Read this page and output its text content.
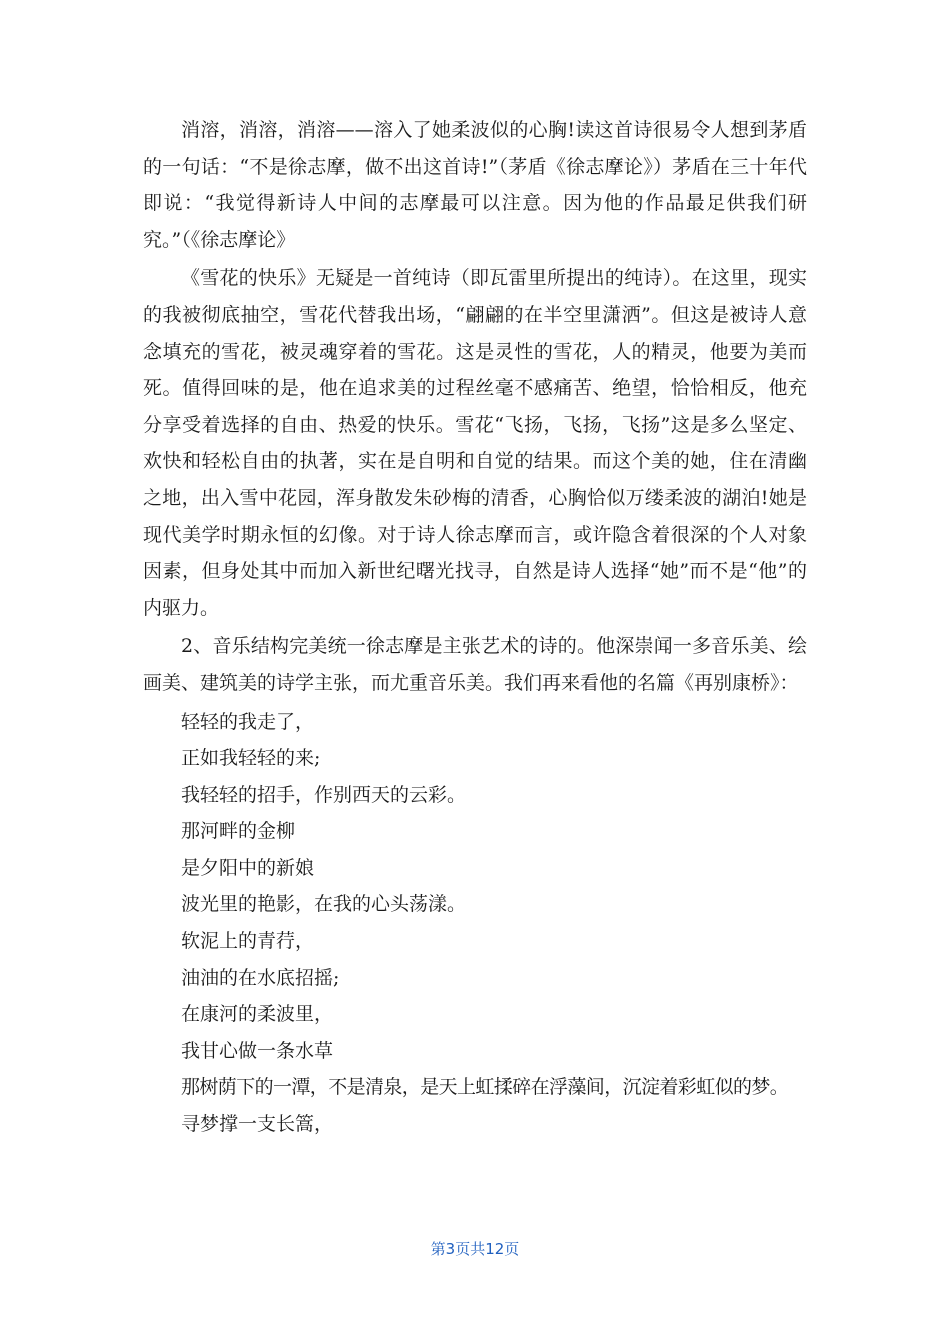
消溶，消溶，消溶——溶入了她柔波似的心胸!读这首诗很易令人想到茅盾的一句话：“不是徐志摩，做不出这首诗!”（茅盾《徐志摩论》）茅盾在三十年代即说：“我觉得新诗人中间的志摩最可以注意。因为他的作品最足供我们研究。”（《徐志摩论》

《雪花的快乐》无疑是一首纯诗（即瓦雷里所提出的纯诗）。在这里，现实的我被彻底抽空，雪花代替我出场，“翩翩的在半空里潇洒”。但这是被诗人意念填充的雪花，被灵魂穿着的雪花。这是灵性的雪花，人的精灵，他要为美而死。值得回味的是，他在追求美的过程丝毫不感痛苦、绝望，恰恰相反，他充分享受着选择的自由、热爱的快乐。雪花“飞扬，飞扬，飞扬”这是多么坚定、欢快和轻松自由的执著，实在是自明和自觉的结果。而这个美的她，住在清幽之地，出入雪中花园，浑身散发朱砂梅的清香，心胸恰似万缕柔波的湖泊!她是现代美学时期永恒的幻像。对于诗人徐志摩而言，或许隐含着很深的个人对象因素，但身处其中而加入新世纪曙光找寻，自然是诗人选择“她”而不是“他”的内驱力。

2、音乐结构完美统一徐志摩是主张艺术的诗的。他深崇闻一多音乐美、绘画美、建筑美的诗学主张，而尤重音乐美。我们再来看他的名篇《再别康桥》：

轻轻的我走了，

正如我轻轻的来;

我轻轻的招手，作别西天的云彩。

那河畔的金柳

是夕阳中的新娘

波光里的艳影，在我的心头荡漾。

软泥上的青荇，

油油的在水底招摇;

在康河的柔波里，

我甘心做一条水草

那树荫下的一潭，不是清泉，是天上虹揉碎在浮藻间，沉淀着彩虹似的梦。

寻梦撑一支长篙，

第3页共12页
